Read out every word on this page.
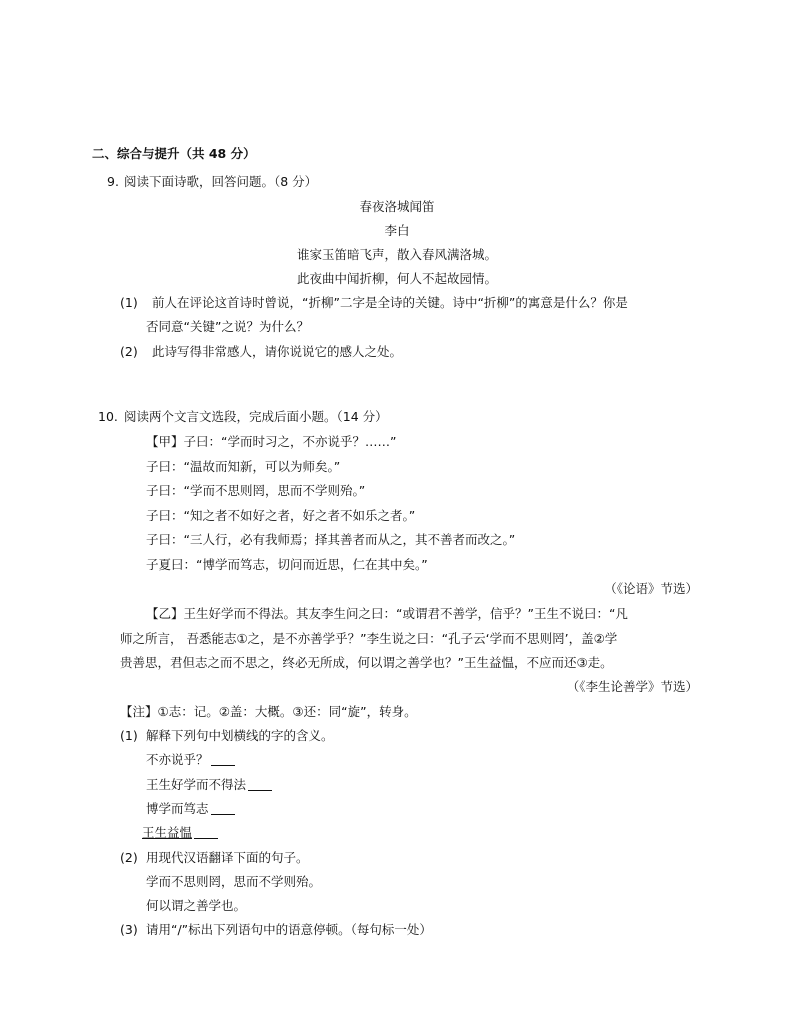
二、综合与提升（共 48 分）
9. 阅读下面诗歌，回答问题。（8 分）
春夜洛城闻笛
李白
谁家玉笛暗飞声，散入春风满洛城。
此夜曲中闻折柳，何人不起故园情。
(1) 前人在评论这首诗时曾说，“折柳”二字是全诗的关键。诗中“折柳”的寓意是什么？你是
否同意“关键”之说？为什么？
(2) 此诗写得非常感人，请你说说它的感人之处。
10. 阅读两个文言文选段，完成后面小题。（14 分）
【甲】子曰：“学而时习之，不亦说乎？……”
子曰：“温故而知新，可以为师矣。”
子曰：“学而不思则罔，思而不学则殆。”
子曰：“知之者不如好之者，好之者不如乐之者。”
子曰：“三人行，必有我师焉；择其善者而从之，其不善者而改之。”
子夏曰：“博学而笃志，切问而近思，仁在其中矣。”
（《论语》节选）
【乙】王生好学而不得法。其友李生问之曰：“或谓君不善学，信乎？”王生不说曰：“凡
师之所言， 吾悉能志①之，是不亦善学乎？”李生说之曰：“孔子云‘学而不思则罔’，盖②学
贵善思，君但志之而不思之，终必无所成，何以谓之善学也？”王生益愠，不应而还③走。
（《李生论善学》节选）
【注】①志：记。②盖：大概。③还：同“旋”，转身。
(1) 解释下列句中划横线的字的含义。
不亦说乎？
王生好学而不得法
博学而笃志
王生益愠
(2) 用现代汉语翻译下面的句子。
学而不思则罔，思而不学则殆。
何以谓之善学也。
(3) 请用“/”标出下列语句中的语意停顿。（每句标一处）
